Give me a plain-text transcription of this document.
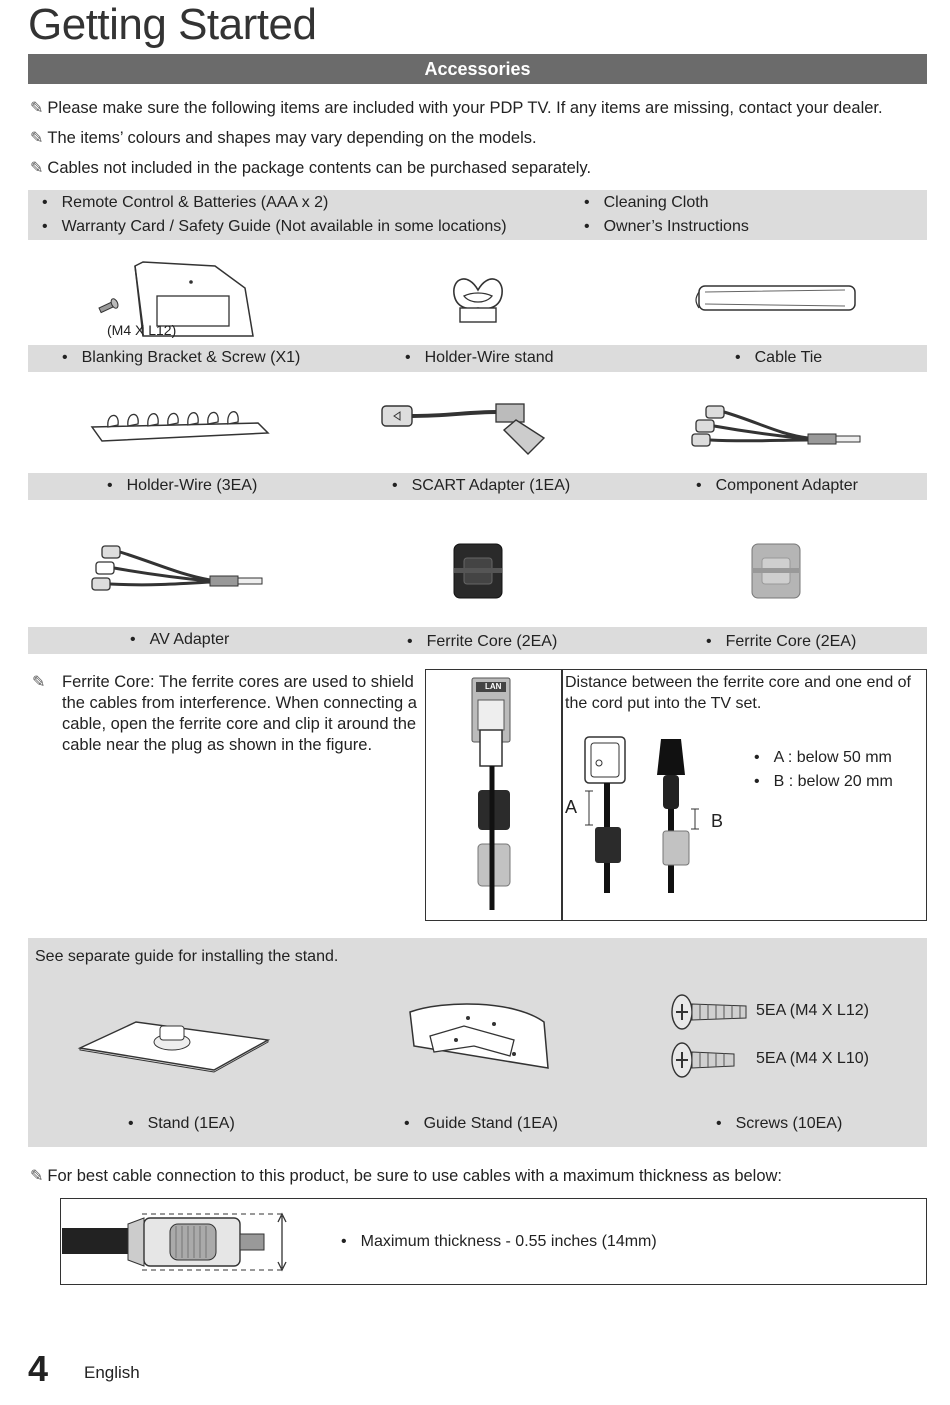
Getting Started
Accessories
✎ Please make sure the following items are included with your PDP TV. If any items are missing, contact your dealer.
✎ The items’ colours and shapes may vary depending on the models.
✎ Cables not included in the package contents can be purchased separately.
• Remote Control & Batteries (AAA x 2)
• Warranty Card / Safety Guide (Not available in some locations)
• Cleaning Cloth
• Owner’s Instructions
(M4 X L12)
• Blanking Bracket & Screw (X1)	• Holder-Wire stand	• Cable Tie
• Holder-Wire (3EA)	• SCART Adapter (1EA)	• Component Adapter
• AV Adapter	• Ferrite Core (2EA)	• Ferrite Core (2EA)
✎ Ferrite Core: The ferrite cores are used to shield the cables from interference. When connecting a cable, open the ferrite core and clip it around the cable near the plug as shown in the figure.
LAN	Distance between the ferrite core and one end of the cord put into the TV set.
A
B
• A : below 50 mm
• B : below 20 mm
See separate guide for installing the stand.
5EA (M4 X L12)
5EA (M4 X L10)
• Stand (1EA)	• Guide Stand (1EA)	• Screws (10EA)
✎ For best cable connection to this product, be sure to use cables with a maximum thickness as below:
• Maximum thickness - 0.55 inches (14mm)
4 English
